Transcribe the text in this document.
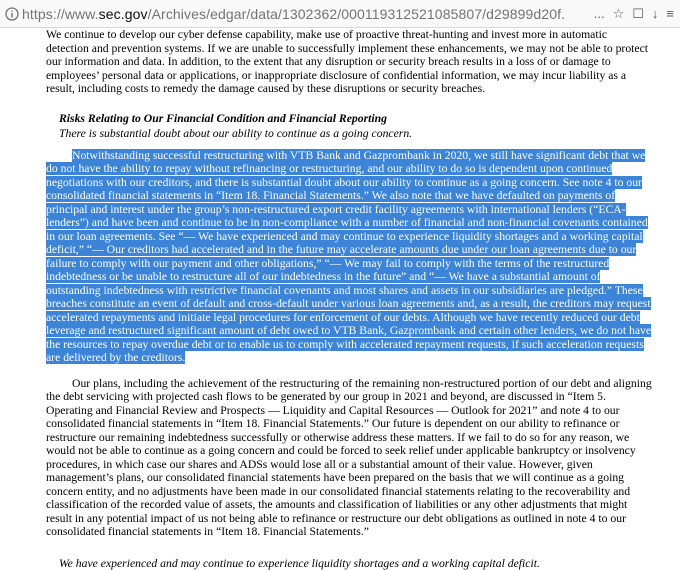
https://www.sec.gov/Archives/edgar/data/1302362/000119312521085807/d29899d20f.	... ☆ ☐ ↓ ≡

We continue to develop our cyber defense capability, make use of proactive threat-hunting and invest more in automatic detection and prevention systems. If we are unable to successfully implement these enhancements, we may not be able to protect our information and data. In addition, to the extent that any disruption or security breach results in a loss of or damage to employees’ personal data or applications, or inappropriate disclosure of confidential information, we may incur liability as a result, including costs to remedy the damage caused by these disruptions or security breaches.

Risks Relating to Our Financial Condition and Financial Reporting

There is substantial doubt about our ability to continue as a going concern.

Notwithstanding successful restructuring with VTB Bank and Gazprombank in 2020, we still have significant debt that we do not have the ability to repay without refinancing or restructuring, and our ability to do so is dependent upon continued negotiations with our creditors, and there is substantial doubt about our ability to continue as a going concern. See note 4 to our consolidated financial statements in “Item 18. Financial Statements.” We also note that we have defaulted on payments of principal and interest under the group’s non-restructured export credit facility agreements with international lenders (“ECA-lenders”) and have been and continue to be in non-compliance with a number of financial and non-financial covenants contained in our loan agreements. See “— We have experienced and may continue to experience liquidity shortages and a working capital deficit,” “— Our creditors had accelerated and in the future may accelerate amounts due under our loan agreements due to our failure to comply with our payment and other obligations,” “— We may fail to comply with the terms of the restructured indebtedness or be unable to restructure all of our indebtedness in the future” and “— We have a substantial amount of outstanding indebtedness with restrictive financial covenants and most shares and assets in our subsidiaries are pledged.” These breaches constitute an event of default and cross-default under various loan agreements and, as a result, the creditors may request accelerated repayments and initiate legal procedures for enforcement of our debts. Although we have recently reduced our debt leverage and restructured significant amount of debt owed to VTB Bank, Gazprombank and certain other lenders, we do not have the resources to repay overdue debt or to enable us to comply with accelerated repayment requests, if such acceleration requests are delivered by the creditors.

Our plans, including the achievement of the restructuring of the remaining non-restructured portion of our debt and aligning the debt servicing with projected cash flows to be generated by our group in 2021 and beyond, are discussed in “Item 5. Operating and Financial Review and Prospects — Liquidity and Capital Resources — Outlook for 2021” and note 4 to our consolidated financial statements in “Item 18. Financial Statements.” Our future is dependent on our ability to refinance or restructure our remaining indebtedness successfully or otherwise address these matters. If we fail to do so for any reason, we would not be able to continue as a going concern and could be forced to seek relief under applicable bankruptcy or insolvency procedures, in which case our shares and ADSs would lose all or a substantial amount of their value. However, given management’s plans, our consolidated financial statements have been prepared on the basis that we will continue as a going concern entity, and no adjustments have been made in our consolidated financial statements relating to the recoverability and classification of the recorded value of assets, the amounts and classification of liabilities or any other adjustments that might result in any potential impact of us not being able to refinance or restructure our debt obligations as outlined in note 4 to our consolidated financial statements in “Item 18. Financial Statements.”

We have experienced and may continue to experience liquidity shortages and a working capital deficit.
